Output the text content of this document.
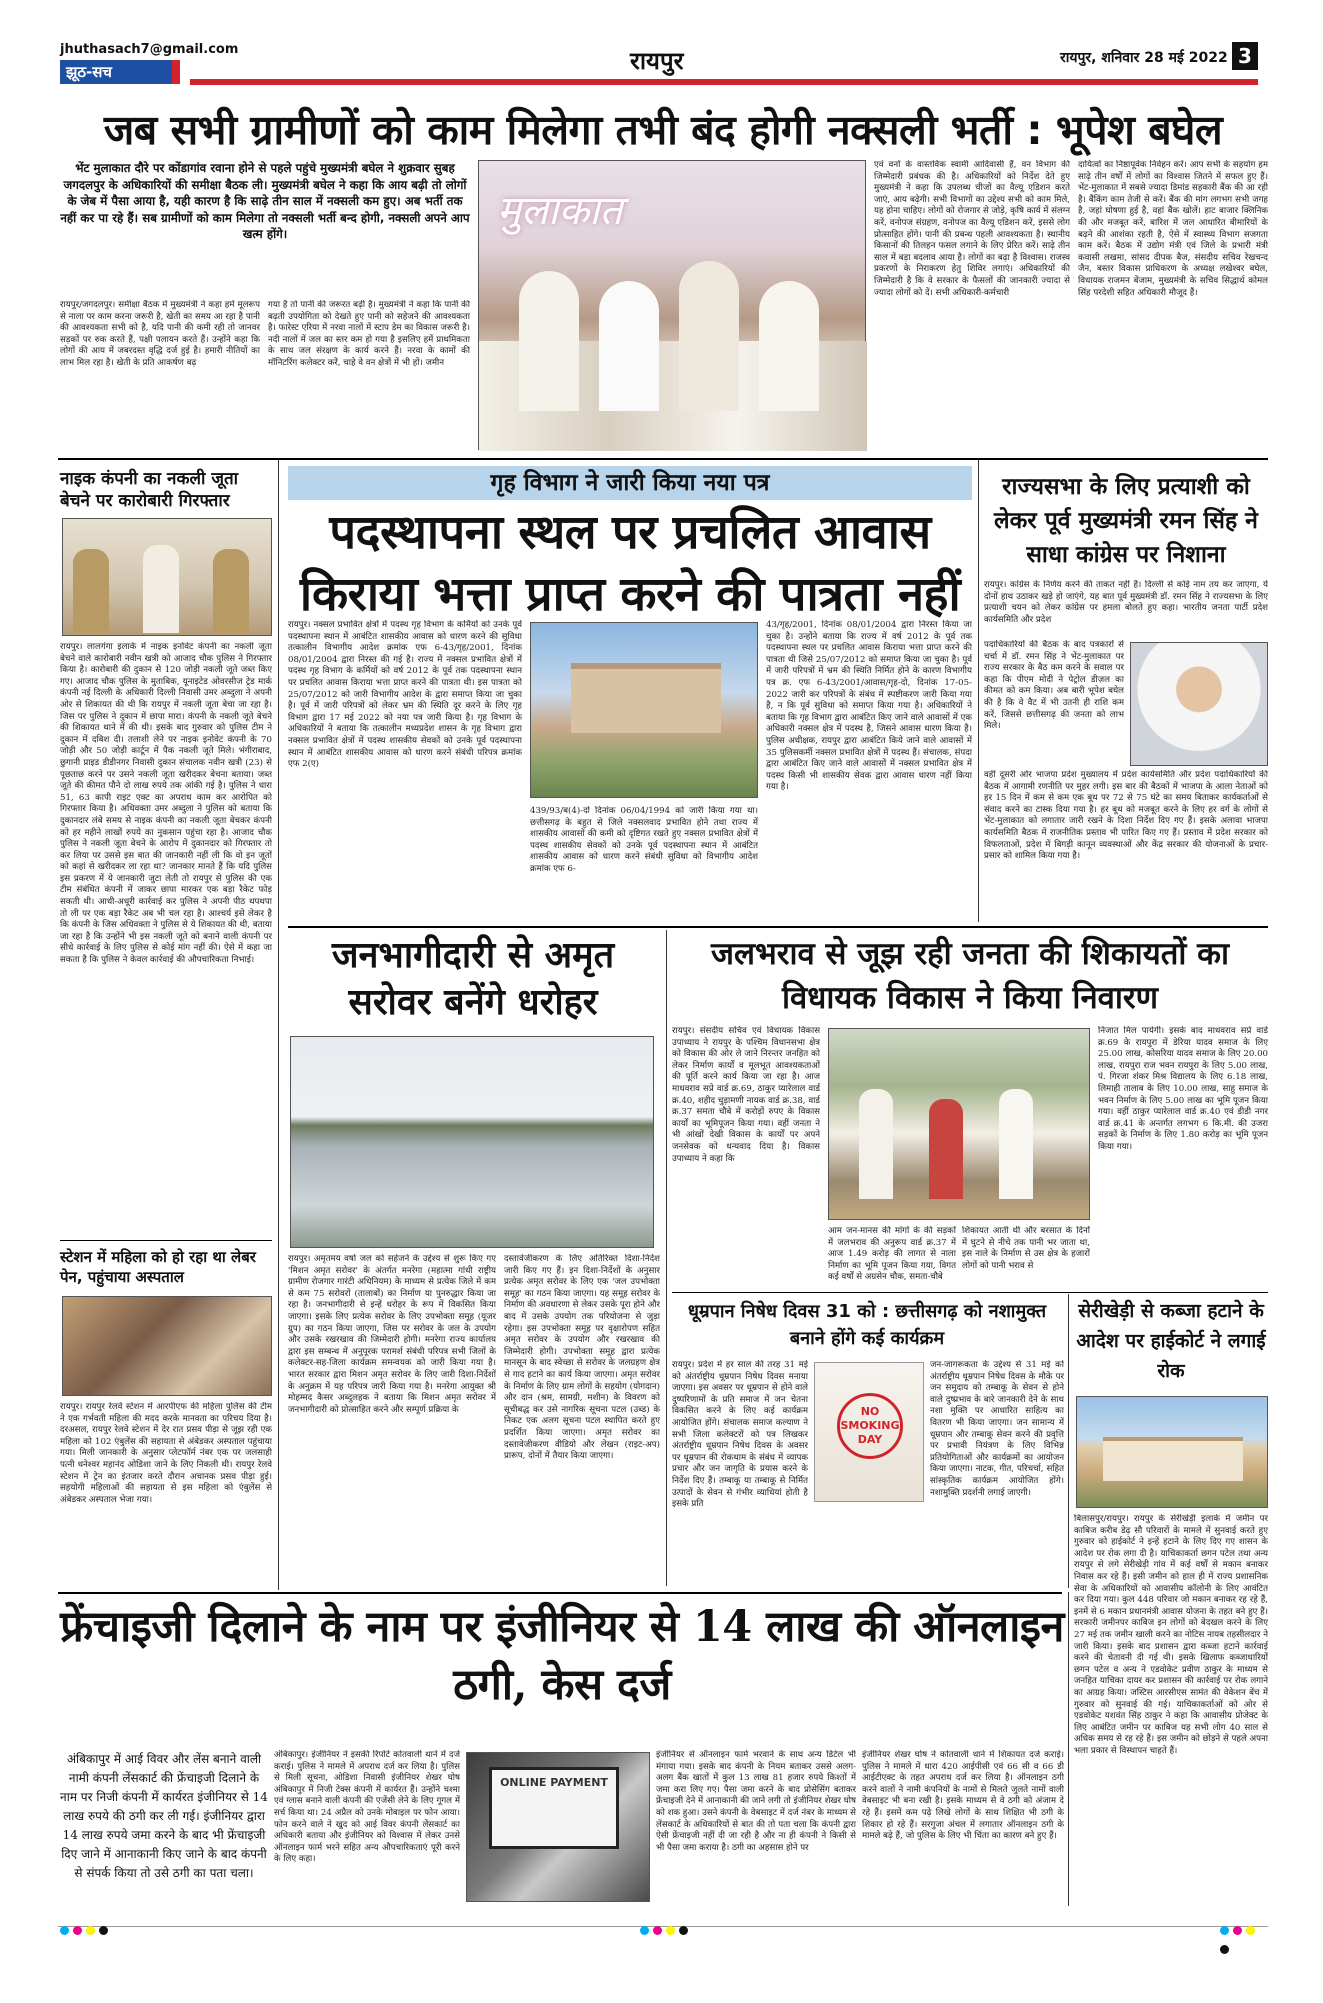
jhuthasach7@gmail.com
झूठ-सच	रायपुर	रायपुर, शनिवार 28 मई 2022 3
जब सभी ग्रामीणों को काम मिलेगा तभी बंद होगी नक्सली भर्ती : भूपेश बघेल
भेंट मुलाकात दौरे पर कोंडागांव रवाना होने से पहले पहुंचे मुख्यमंत्री बघेल ने शुक्रवार सुबह जगदलपुर के अधिकारियों की समीक्षा बैठक ली। मुख्यमंत्री बघेल ने कहा कि आय बढ़ी तो लोगों के जेब में पैसा आया है, यही कारण है कि साढ़े तीन साल में नक्सली कम हुए। अब भर्ती तक नहीं कर पा रहे हैं। सब ग्रामीणों को काम मिलेगा तो नक्सली भर्ती बन्द होगी, नक्सली अपने आप खत्म होंगे।
रायपुर/जगदलपुर। समीक्षा बैठक में मुख्यमंत्री ने कहा हमें मूलरूप से नाला पर काम करना जरूरी है, खेती का समय आ रहा है पानी की आवश्यकता सभी को है, यदि पानी की कमी रही तो जानवर सड़कों पर रुक करते हैं, पक्षी पलायन करते हैं। उन्होंने कहा कि लोगों की आय में जबरदस्त वृद्धि दर्ज हुई है। हमारी नीतियों का लाभ मिल रहा है। खेती के प्रति आकर्षण बढ़
गया है तो पानी की जरूरत बढ़ी है। मुख्यमंत्री ने कहा कि पानी की बढ़ती उपयोगिता को देखते हुए पानी को सहेजने की आवश्यकता है। फारेस्ट एरिया में नरवा नालों में स्टाप डेम का विकास जरूरी है। नदी नालों में जल का स्तर कम हो गया है इसलिए हमें प्राथमिकता के साथ जल संरक्षण के कार्य करने हैं। नरवा के कामों की मॉनिटरिंग कलेक्टर करें, चाहे वे वन क्षेत्रों में भी हों। जमीन
मुलाकात
एवं वनों के वास्तविक स्वामी आदिवासी हैं, वन विभाग की जिम्मेदारी प्रबंधक की है। अधिकारियों को निर्देश देते हुए मुख्यमंत्री ने कहा कि उपलब्ध चीजों का वैल्यू एडिशन करते जाएं, आय बढ़ेगी। सभी विभागों का उद्देश्य सभी को काम मिले, यह होना चाहिए। लोगों को रोजगार से जोड़े, कृषि कार्य में संलग्न करें, वनोपज संग्रहण, वनोपज का वैल्यू एडिशन करें, इससे लोग प्रोत्साहित होंगे। पानी की प्रबन्ध पहली आवश्यकता है। स्थानीय किसानों की तिलहन फसल लगाने के लिए प्रेरित करें। साढ़े तीन साल में बड़ा बदलाव आया है। लोगों का बढ़ा है विश्वास। राजस्व प्रकरणों के निराकरण हेतु शिविर लगाएं। अधिकारियों की जिम्मेदारी है कि वे सरकार के फैसलों की जानकारी ज्यादा से ज्यादा लोगों को दें। सभी अधिकारी-कर्मचारी
दायित्वों का निष्ठापूर्वक निर्वहन करें। आप सभी के सहयोग हम साढ़े तीन वर्षों में लोगों का विश्वास जितने में सफल हुए हैं। भेंट-मुलाकात में सबसे ज्यादा डिमांड सहकारी बैंक की आ रही है। बैंकिंग काम तेजी से करें। बैंक की मांग लगभग सभी जगह है, जहां घोषणा हुई है, वहां बैंक खोलें। हाट बाजार क्लिनिक की और मजबूत करें, बारिश में जल आधारित बीमारियों के बढ़ने की आशंका रहती है, ऐसे में स्वास्थ्य विभाग सजगता काम करें। बैठक में उद्योग मंत्री एवं जिले के प्रभारी मंत्री कवासी लखमा, सांसद दीपक बैज, संसदीय सचिव रेखचन्द जैन, बस्तर विकास प्राधिकरण के अध्यक्ष लखेश्वर बघेल, विधायक राजमन बेंजाम, मुख्यमंत्री के सचिव सिद्धार्थ कोमल सिंह परदेशी सहित अधिकारी मौजूद हैं।
नाइक कंपनी का नकली जूता बेचने पर कारोबारी गिरफ्तार
रायपुर। लालगंगा इलाके में नाइक इनोवेट कंपनी का नकली जूता बेचने वाले कारोबारी नवीन खत्री को आजाद चौक पुलिस ने गिरफ्तार किया है। कारोबारी की दुकान से 120 जोड़ी नकली जूते जब्त किए गए। आजाद चौक पुलिस के मुताबिक, यूनाइटेड ओवरसीज ट्रेड मार्क कंपनी नई दिल्ली के अधिकारी दिल्ली निवासी उमर अब्दुला ने अपनी ओर से शिकायत की थी कि रायपुर में नकली जूता बेचा जा रहा है। जिस पर पुलिस ने दुकान में छापा मारा। कंपनी के नकली जूते बेचने की शिकायत थाने में की थी। इसके बाद गुरुवार को पुलिस टीम ने दुकान में दबिश दी। तलाशी लेने पर नाइक इनोवेट कंपनी के 70 जोड़ी और 50 जोड़ी कार्टून में पैक नकली जूते मिले। भंगीराबाद, छुगानी प्राइड डीडीनगर निवासी दुकान संचालक नवीन खत्री (23) से पूछताछ करने पर उसने नकली जूता खरीदकर बेचना बताया। जब्त जूते की कीमत पौने दो लाख रुपये तक आंकी गई है। पुलिस ने धारा 51, 63 कापी राइट एक्ट का अपराध काम कर आरोपित को गिरफ्तार किया है। अधिवक्ता उमर अब्दुला ने पुलिस को बताया कि दुकानदार लंबे समय से नाइक कंपनी का नकली जूता बेचकर कंपनी को हर महीने लाखों रुपये का नुकसान पहुंचा रहा है। आजाद चौक पुलिस ने नकली जूता बेचने के आरोप में दुकानदार को गिरफ्तार तो कर लिया पर उससे इस बात की जानकारी नहीं ली कि वो इन जूतों को कहां से खरीदकर ला रहा था? जानकार मानते हैं कि यदि पुलिस इस प्रकरण में ये जानकारी जुटा लेती तो रायपुर से पुलिस की एक टीम संबंधित कंपनी में जाकर छापा मारकर एक बड़ा रैकेट फोड़ सकती थी। आधी-अधूरी कार्रवाई कर पुलिस ने अपनी पीठ थपथपा तो ली पर एक बड़ा रैकेट अब भी चल रहा है। आश्चर्य इसे लेकर है कि कंपनी के जिस अधिवक्ता ने पुलिस से ये शिकायत की थी, बताया जा रहा है कि उन्होंने भी इस नकली जूते को बनाने वाली कंपनी पर सीधे कार्रवाई के लिए पुलिस से कोई मांग नहीं की। ऐसे में कहा जा सकता है कि पुलिस ने केवल कार्रवाई की औपचारिकता निभाई।
स्टेशन में महिला को हो रहा था लेबर पेन, पहुंचाया अस्पताल
रायपुर। रायपुर रेलवे स्टेशन में आरपीएफ की महिला पुलिस की टीम ने एक गर्भवती महिला की मदद करके मानवता का परिचय दिया है। दरअसल, रायपुर रेलवे स्टेशन में देर रात प्रसव पीड़ा से जूझ रही एक महिला को 102 एंबुलेंस की सहायता से अंबेडकर अस्पताल पहुंचाया गया। मिली जानकारी के अनुसार प्लेटफॉर्म नंबर एक पर जलसाही पत्नी धनेश्वर महानंद ओडिशा जाने के लिए निकली थी। रायपुर रेलवे स्टेशन में ट्रेन का इंतजार करते दौरान अचानक प्रसव पीड़ा हुई। सहयोगी महिलाओं की सहायता से इस महिला को एंबुलेंस से अंबेडकर अस्पताल भेजा गया।
गृह विभाग ने जारी किया नया पत्र
पदस्थापना स्थल पर प्रचलित आवास किराया भत्ता प्राप्त करने की पात्रता नहीं
रायपुर। नक्सल प्रभावित क्षेत्रों में पदस्थ गृह विभाग के कर्मियों को उनके पूर्व पदस्थापना स्थान में आबंटित शासकीय आवास को धारण करने की सुविधा तत्कालीन विभागीय आदेश क्रमांक एफ 6-43/गृह/2001, दिनांक 08/01/2004 द्वारा निरस्त की गई है। राज्य में नक्सल प्रभावित क्षेत्रों में पदस्थ गृह विभाग के कर्मियों को वर्ष 2012 के पूर्व तक पदस्थापना स्थान पर प्रचलित आवास किराया भत्ता प्राप्त करने की पात्रता थी। इस पात्रता को 25/07/2012 को जारी विभागीय आदेश के द्वारा समाप्त किया जा चुका है। पूर्व में जारी परिपत्रों को लेकर भ्रम की स्थिति दूर करने के लिए गृह विभाग द्वारा 17 मई 2022 को नया पत्र जारी किया है। गृह विभाग के अधिकारियों ने बताया कि तत्कालीन मध्यप्रदेश शासन के गृह विभाग द्वारा नक्सल प्रभावित क्षेत्रों में पदस्थ शासकीय सेवकों को उनके पूर्व पदस्थापना स्थान में आबंटित शासकीय आवास को धारण करने संबंधी परिपत्र क्रमांक एफ 2(ए)
439/93/ब(4)-दो दिनांक 06/04/1994 को जारी किया गया था। छत्तीसगढ़ के बहुत से जिले नक्सलवाद प्रभावित होने तथा राज्य में शासकीय आवासों की कमी को दृष्टिगत रखते हुए नक्सल प्रभावित क्षेत्रों में पदस्थ शासकीय सेवकों को उनके पूर्व पदस्थापना स्थान में आबंटित शासकीय आवास को धारण करने संबंधी सुविधा को विभागीय आदेश क्रमांक एफ 6-
43/गृह/2001, दिनांक 08/01/2004 द्वारा निरस्त किया जा चुका है। उन्होंने बताया कि राज्य में वर्ष 2012 के पूर्व तक पदस्थापना स्थल पर प्रचलित आवास किराया भत्ता प्राप्त करने की पात्रता थी जिसे 25/07/2012 को समाप्त किया जा चुका है। पूर्व में जारी परिपत्रों में भ्रम की स्थिति निर्मित होने के कारण विभागीय पत्र क्र. एफ 6-43/2001/आवास/गृह-दो, दिनांक 17-05-2022 जारी कर परिपत्रों के संबंध में स्पष्टीकरण जारी किया गया है, न कि पूर्व सुविधा को समाप्त किया गया है। अधिकारियों ने बताया कि गृह विभाग द्वारा आबंटित किए जाने वाले आवासों में एक अधिकारी नक्सल क्षेत्र में पदस्थ है, जिसने आवास धारण किया है। पुलिस अधीक्षक, रायपुर द्वारा आबंटित किये जाने वाले आवासों में 35 पुलिसकर्मी नक्सल प्रभावित क्षेत्रों में पदस्थ हैं। संचालक, संपदा द्वारा आबंटित किए जाने वाले आवासों में नक्सल प्रभावित क्षेत्र में पदस्थ किसी भी शासकीय सेवक द्वारा आवास धारण नहीं किया गया है।
राज्यसभा के लिए प्रत्याशी को लेकर पूर्व मुख्यमंत्री रमन सिंह ने साधा कांग्रेस पर निशाना
रायपुर। कांग्रेस के निर्णय करने की ताकत नहीं है। दिल्ली से कोई नाम तय कर जाएगा, ये दोनों हाथ उठाकर खड़े हो जाएंगे, यह बात पूर्व मुख्यमंत्री डॉ. रमन सिंह ने राज्यसभा के लिए प्रत्याशी चयन को लेकर कांग्रेस पर हमला बोलते हुए कहा। भारतीय जनता पार्टी प्रदेश कार्यसमिति और प्रदेश
पदाधिकारियों की बैठक के बाद पत्रकारों से चर्चा में डॉ. रमन सिंह ने भेंट-मुलाकात पर राज्य सरकार के बैठ कम करने के सवाल पर कहा कि पीएम मोदी ने पेट्रोल डीज़ल का कीमत को कम किया। अब बारी भूपेश बघेल की है कि वे वैट में भी उतनी ही राशि कम करें, जिससे छत्तीसगढ़ की जनता को लाभ मिले।
वहीं दूसरी ओर भाजपा प्रदेश मुख्यालय में प्रदेश कार्यसमिति और प्रदेश पदाधिकारियों की बैठक में आगामी रणनीति पर मुहर लगी। इस बार की बैठकों में भाजपा के आला नेताओं को हर 15 दिन में कम से कम एक बूथ पर 72 से 75 घंटे का समय बिताकर कार्यकर्ताओं से संवाद करने का टास्क दिया गया है। हर बूथ को मजबूत करने के लिए हर वर्ग के लोगों से भेंट-मुलाकात को लगातार जारी रखने के दिशा निर्देश दिए गए हैं। इसके अलावा भाजपा कार्यसमिति बैठक में राजनीतिक प्रस्ताव भी पारित किए गए हैं। प्रस्ताव में प्रदेश सरकार को विफलताओं, प्रदेश में बिगड़ी कानून व्यवस्थाओं और केंद्र सरकार की योजनाओं के प्रचार-प्रसार को शामिल किया गया है।
जनभागीदारी से अमृत सरोवर बनेंगे धरोहर
रायपुर। अमृतमय वर्षा जल को सहेजने के उद्देश्य से शुरू किए गए 'मिशन अमृत सरोवर' के अंतर्गत मनरेगा (महात्मा गांधी राष्ट्रीय ग्रामीण रोजगार गारंटी अधिनियम) के माध्यम से प्रत्येक जिले में कम से कम 75 सरोवरों (तालाबों) का निर्माण या पुनरुद्धार किया जा रहा है। जनभागीदारी से इन्हें धरोहर के रूप में विकसित किया जाएगा। इसके लिए प्रत्येक सरोवर के लिए उपभोक्ता समूह (यूजर ग्रुप) का गठन किया जाएगा, जिस पर सरोवर के जल के उपयोग और उसके रखरखाव की जिम्मेदारी होगी। मनरेगा राज्य कार्यालय द्वारा इस सम्बन्ध में अनुपूरक परामर्श संबंधी परिपत्र सभी जिलों के कलेक्टर-सह-जिला कार्यक्रम समन्वयक को जारी किया गया है। भारत सरकार द्वारा मिशन अमृत सरोवर के लिए जारी दिशा-निर्देशों के अनुक्रम में यह परिपत्र जारी किया गया है। मनरेगा आयुक्त श्री मोहम्मद कैसर अब्दुलहक ने बताया कि मिशन अमृत सरोवर में जनभागीदारी को प्रोत्साहित करने और सम्पूर्ण प्रक्रिया के
दस्तावेजीकरण के लिए अतिरिक्त दिशा-निर्देश जारी किए गए हैं। इन दिशा-निर्देशों के अनुसार प्रत्येक अमृत सरोवर के लिए एक 'जल उपभोक्ता समूह' का गठन किया जाएगा। यह समूह सरोवर के निर्माण की अवधारणा से लेकर उसके पूरा होने और बाद में उसके उपयोग तक परियोजना से जुड़ा रहेगा। इस उपभोक्ता समूह पर वृक्षारोपण सहित अमृत सरोवर के उपयोग और रखरखाव की जिम्मेदारी होगी। उपभोक्ता समूह द्वारा प्रत्येक मानसून के बाद स्वेच्छा से सरोवर के जलग्रहण क्षेत्र से गाद हटाने का कार्य किया जाएगा। अमृत सरोवर के निर्माण के लिए ग्राम लोगों के सहयोग (योगदान) और दान (श्रम, सामग्री, मशीन) के विवरण को सूचीबद्ध कर उसे नागरिक सूचना पटल (उब्ड) के निकट एक अलग सूचना पटल स्थापित करते हुए प्रदर्शित किया जाएगा। अमृत सरोवर का दस्तावेजीकरण वीडियो और लेखन (राइट-अप) प्रारूप, दोनों में तैयार किया जाएगा।
जलभराव से जूझ रही जनता की शिकायतों का विधायक विकास ने किया निवारण
रायपुर। संसदीय सचिव एवं विधायक विकास उपाध्याय ने रायपुर के पश्चिम विधानसभा क्षेत्र को विकास की ओर ले जाने निरन्तर जनहित को लेकर निर्माण कार्यों व मूलभूत आवश्यकताओं की पूर्ति करने कार्य किया जा रहा है। आज माधवराव सप्रे वार्ड क्र.69, ठाकुर प्यारेलाल वार्ड क्र.40, शहीद चुड़ामणी नायक वार्ड क्र.38, वार्ड क्र.37 समता चौबे में करोड़ों रुपए के विकास कार्यों का भूमिपूजन किया गया। वहीं जनता ने भी आंखों देखी विकास के कार्यों पर अपने जनसेवक को धन्यवाद दिया है। विकास उपाध्याय ने कहा कि
आम जन-मानस की मांगों के की सड़कों में जलभराव की अनुरूप वार्ड क्र.37 में आज 1.49 करोड़ की लागत से नाला निर्माण का भूमि पूजन किया गया, विगत कई वर्षों से अग्रसेन चौक, समता-चौबे
शिकायत आती थी और बरसात के दिनों में घुटने से नीचे तक पानी भर जाता था, इस नाले के निर्माण से उस क्षेत्र के हजारों लोगों को पानी भराव से
निजात मिल पायेगी। इसके बाद माधवराव सप्रे वार्ड क्र.69 के रायपुरा में डेरिया यादव समाज के लिए 25.00 लाख, कोसरिया यादव समाज के लिए 20.00 लाख, रायपुरा राज भवन रायपुरा के लिए 5.00 लाख, पं. गिरजा शंकर मिश्र विद्यालय के लिए 6.18 लाख, लिमाही तालाब के लिए 10.00 लाख, साहु समाज के भवन निर्माण के लिए 5.00 लाख का भूमि पूजन किया गया। वहीं ठाकुर प्यारेलाल वार्ड क्र.40 एवं डीडी नगर वार्ड क्र.41 के अन्तर्गत लगभग 6 कि.मी. की उजरा सड़कों के निर्माण के लिए 1.80 करोड़ का भूमि पूजन किया गया।
धूम्रपान निषेध दिवस 31 को : छत्तीसगढ़ को नशामुक्त बनाने होंगे कई कार्यक्रम
रायपुर। प्रदेश में हर साल की तरह 31 मई को अंतर्राष्ट्रीय धूम्रपान निषेध दिवस मनाया जाएगा। इस अवसर पर धूम्रपान से होने वाले दुष्परिणामों के प्रति समाज में जन चेतना विकसित करने के लिए कई कार्यक्रम आयोजित होंगे। संचालक समाज कल्याण ने सभी जिला कलेक्टरों को पत्र लिखकर अंतर्राष्ट्रीय धूम्रपान निषेध दिवस के अवसर पर धूम्रपान की रोकथाम के संबंध में व्यापक प्रचार और जन जागृति के प्रयास करने के निर्देश दिए हैं। तम्बाकू या तम्बाकू से निर्मित उत्पादों के सेवन से गंभीर व्याधियां होती है इसके प्रति
NO
SMOKING
DAY
जन-जागरूकता के उद्देश्य से 31 मई को अंतर्राष्ट्रीय धूम्रपान निषेध दिवस के मौके पर जन समुदाय को तम्बाकू के सेवन से होने वाले दुष्प्रभाव के बारे जानकारी देने के साथ नशा मुक्ति पर आधारित साहित्य का वितरण भी किया जाएगा। जन सामान्य में धूम्रपान और तम्बाकू सेवन करने की प्रवृत्ति पर प्रभावी नियंत्रण के लिए विभिन्न प्रतियोगिताओं और कार्यक्रमों का आयोजन किया जाएगा। नाटक, गीत, परिचर्चा, सहित सांस्कृतिक कार्यक्रम आयोजित होंगे। नशामुक्ति प्रदर्शनी लगाई जाएगी।
सेरीखेड़ी से कब्जा हटाने के आदेश पर हाईकोर्ट ने लगाई रोक
बिलासपुर/रायपुर। रायपुर के सेरीखेड़ी इलाके में जमीन पर काबिज करीब डेढ़ सौ परिवारों के मामले में सुनवाई करते हुए गुरुवार को हाईकोर्ट ने इन्हें हटाने के लिए दिए गए शासन के आदेश पर रोक लगा दी है। याचिकाकर्ता छगन पटेल तथा अन्य रायपुर से लगे सेरीखेड़ी गांव में कई वर्षों से मकान बनाकर निवास कर रहे हैं। इसी जमीन को हाल ही में राज्य प्रशासनिक सेवा के अधिकारियों को आवासीय कॉलोनी के लिए आवंटित कर दिया गया। कुल 448 परिवार जो मकान बनाकर रह रहे हैं, इनमें से 6 मकान प्रधानमंत्री आवास योजना के तहत बने हुए हैं। सरकारी जमीनपर काबिज इन लोगों को बेदखल करने के लिए 27 मई तक जमीन खाली करने का नोटिस नायब तहसीलदार ने जारी किया। इसके बाद प्रशासन द्वारा कब्जा हटाने कार्रवाई करने की चेतावनी दी गई थी। इसके खिलाफ कब्जाधारियों छगन पटेल व अन्य ने एडवोकेट प्रवीण ठाकुर के माध्यम से जनहित याचिका दायर कर प्रशासन की कार्रवाई पर रोक लगाने का आग्रह किया। जस्टिस आरसीएस सामंत की वेकेशन बेंच में गुरुवार को सुनवाई की गई। याचिकाकर्ताओं को ओर से एडवोकेट यशवंत सिंह ठाकुर ने कहा कि आवासीय प्रोजेक्ट के लिए आबंटित जमीन पर काबिज यह सभी लोग 40 साल से अधिक समय से रह रहे हैं। इस जमीन को छोड़ने से पहले अपना भला प्रकार से विस्थापन चाहते हैं।
फ्रेंचाइजी दिलाने के नाम पर इंजीनियर से 14 लाख की ऑनलाइन ठगी, केस दर्ज
अंबिकापुर में आई विवर और लेंस बनाने वाली नामी कंपनी लेंसकार्ट की फ्रेंचाइजी दिलाने के नाम पर निजी कंपनी में कार्यरत इंजीनियर से 14 लाख रुपये की ठगी कर ली गई। इंजीनियर द्वारा 14 लाख रुपये जमा करने के बाद भी फ्रेंचाइजी दिए जाने में आनाकानी किए जाने के बाद कंपनी से संपर्क किया तो उसे ठगी का पता चला।
अंबिकापुर। इंजीनियर ने इसकी रिपोर्ट कोतवाली थाने में दर्ज कराई। पुलिस ने मामले में अपराध दर्ज कर लिया है। पुलिस से मिली सूचना, ओडिशा निवासी इंजीनियर शेखर घोष अंबिकापुर में निजी टेक्स कंपनी में कार्यरत हैं। उन्होंने चश्मा एवं ग्लास बनाने वाली कंपनी की एजेंसी लेने के लिए गूगल में सर्च किया था। 24 अप्रैल को उनके मोबाइल पर फोन आया। फोन करने वाले ने खुद को आई विवर कंपनी लेंसकार्ट का अधिकारी बताया और इंजीनियर को विश्वास में लेकर उनसे ऑनलाइन फार्म भरने सहित अन्य औपचारिकताएं पूरी करने के लिए कहा।
ONLINE PAYMENT
इंजीनियर से ऑनलाइन फार्म भरवाने के साथ अन्य डिटेल भी मंगाया गया। इसके बाद कंपनी के नियम बताकर उससे अलग-अलग बैंक खातों में कुल 13 लाख 81 हजार रुपये किश्तों में जमा करा लिए गए। पैसा जमा करने के बाद प्रोसेसिंग बताकर फ्रेंचाइजी देने में आनाकानी की जाने लगी तो इंजीनियर शेखर घोष को शक हुआ। उसने कंपनी के वेबसाइट में दर्ज नंबर के माध्यम से लेंसकार्ट के अधिकारियों से बात की तो पता चला कि कंपनी द्वारा ऐसी फ्रेंचाइजी नहीं दी जा रही है और ना ही कंपनी ने किसी से भी पैसा जमा कराया है। ठगी का अहसास होने पर
इंजीनियर शेखर घोष ने कोतवाली थाने में शिकायत दर्ज कराई। पुलिस ने मामले में धारा 420 आईपीसी एवं 66 सी व 66 डी आईटीएक्ट के तहत अपराध दर्ज कर लिया है। ऑनलाइन ठगी करने वालों ने नामी कंपनियों के नामों से मिलते जुलते नामों वाली वेबसाइट भी बना रखी है। इसके माध्यम से वे ठगी को अंजाम दे रहे हैं। इसमें कम पढ़े लिखे लोगों के साथ शिक्षित भी ठगी के शिकार हो रहे हैं। सरगुजा अंचल में लगातार ऑनलाइन ठगी के मामले बढ़े हैं, जो पुलिस के लिए भी चिंता का कारण बने हुए हैं।
